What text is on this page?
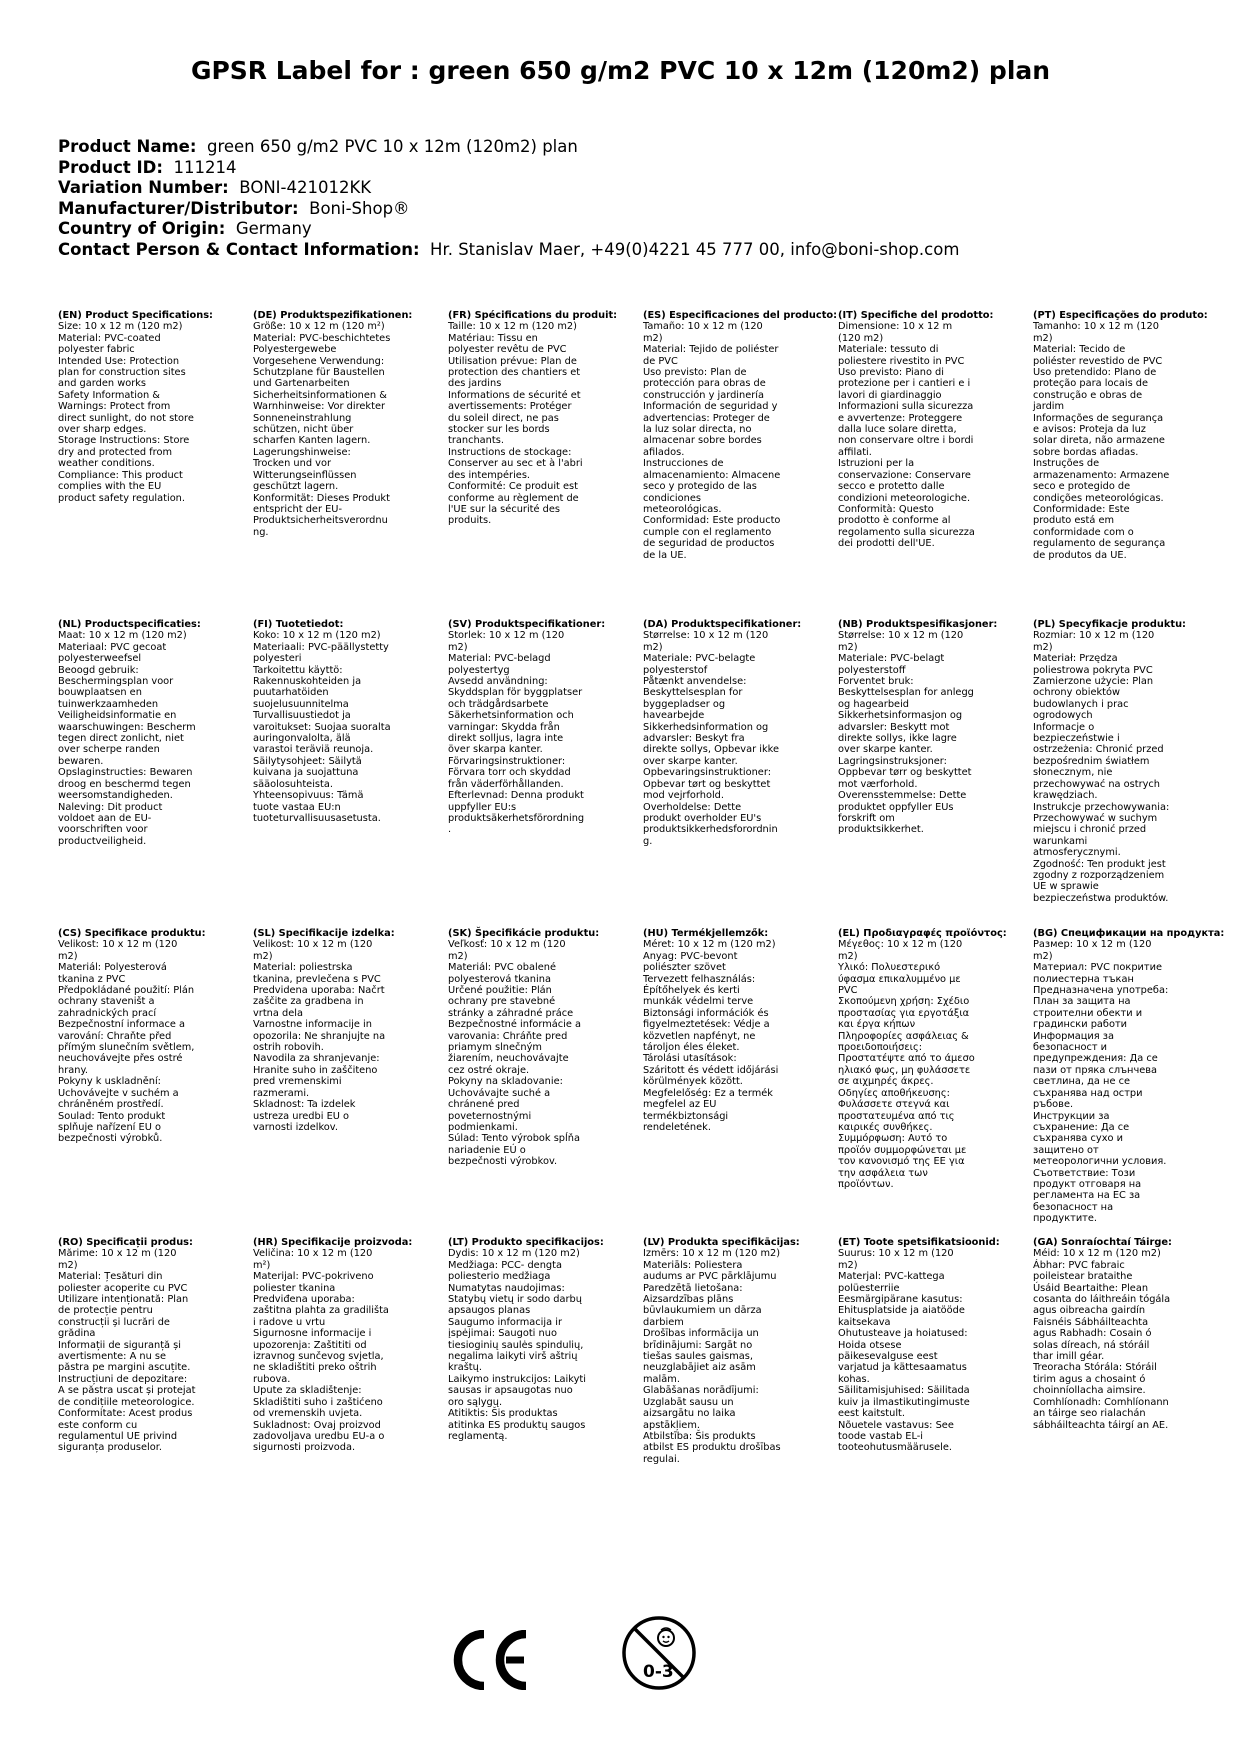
GPSR Label for : green 650 g/m2 PVC 10 x 12m (120m2) plan
Product Name: green 650 g/m2 PVC 10 x 12m (120m2) plan
Product ID: 111214
Variation Number: BONI-421012KK
Manufacturer/Distributor: Boni-Shop®
Country of Origin: Germany
Contact Person & Contact Information: Hr. Stanislav Maer, +49(0)4221 45 777 00, info@boni-shop.com
(EN) Product Specifications:
Size: 10 x 12 m (120 m2)
Material: PVC-coated polyester fabric
Intended Use: Protection plan for construction sites and garden works
Safety Information & Warnings: Protect from direct sunlight, do not store over sharp edges.
Storage Instructions: Store dry and protected from weather conditions.
Compliance: This product complies with the EU product safety regulation.
(DE) Produktspezifikationen:
Größe: 10 x 12 m (120 m²)
Material: PVC-beschichtetes Polyestergewebe
Vorgesehene Verwendung: Schutzplane für Baustellen und Gartenarbeiten
Sicherheitsinformationen & Warnhinweise: Vor direkter Sonneneinstrahlung schützen, nicht über scharfen Kanten lagern.
Lagerungshinweise: Trocken und vor Witterungseinflüssen geschützt lagern.
Konformität: Dieses Produkt entspricht der EU-Produktsicherheitsverordnung.
(FR) Spécifications du produit:
Taille: 10 x 12 m (120 m2)
Matériau: Tissu en polyester revêtu de PVC
Utilisation prévue: Plan de protection des chantiers et des jardins
Informations de sécurité et avertissements: Protéger du soleil direct, ne pas stocker sur les bords tranchants.
Instructions de stockage: Conserver au sec et à l'abri des intempéries.
Conformité: Ce produit est conforme au règlement de l'UE sur la sécurité des produits.
(ES) Especificaciones del producto:
Tamaño: 10 x 12 m (120 m2)
Material: Tejido de poliéster de PVC
Uso previsto: Plan de protección para obras de construcción y jardinería
Información de seguridad y advertencias: Proteger de la luz solar directa, no almacenar sobre bordes afilados.
Instrucciones de almacenamiento: Almacene seco y protegido de las condiciones meteorológicas.
Conformidad: Este producto cumple con el reglamento de seguridad de productos de la UE.
(IT) Specifiche del prodotto:
Dimensione: 10 x 12 m (120 m2)
Materiale: tessuto di poliestere rivestito in PVC
Uso previsto: Piano di protezione per i cantieri e i lavori di giardinaggio
Informazioni sulla sicurezza e avvertenze: Proteggere dalla luce solare diretta, non conservare oltre i bordi affilati.
Istruzioni per la conservazione: Conservare secco e protetto dalle condizioni meteorologiche.
Conformità: Questo prodotto è conforme al regolamento sulla sicurezza dei prodotti dell'UE.
(PT) Especificações do produto:
Tamanho: 10 x 12 m (120 m2)
Material: Tecido de poliéster revestido de PVC
Uso pretendido: Plano de proteção para locais de construção e obras de jardim
Informações de segurança e avisos: Proteja da luz solar direta, não armazene sobre bordas afiadas.
Instruções de armazenamento: Armazene seco e protegido de condições meteorológicas.
Conformidade: Este produto está em conformidade com o regulamento de segurança de produtos da UE.
(NL) Productspecificaties:
Maat: 10 x 12 m (120 m2)
Materiaal: PVC gecoat polyesterweefsel
Beoogd gebruik: Beschermingsplan voor bouwplaatsen en tuinwerkzaamheden
Veiligheidsinformatie en waarschuwingen: Bescherm tegen direct zonlicht, niet over scherpe randen bewaren.
Opslaginstructies: Bewaren droog en beschermd tegen weersomstandigheden.
Naleving: Dit product voldoet aan de EU-voorschriften voor productveiligheid.
(FI) Tuotetiedot:
Koko: 10 x 12 m (120 m2)
Materiaali: PVC-päällystetty polyesteri
Tarkoitettu käyttö: Rakennuskohteiden ja puutarhatöiden suojelusuunnitelma
Turvallisuustiedot ja varoitukset: Suojaa suoralta auringonvalolta, älä varastoi teräviä reunoja.
Säilytysohjeet: Säilytä kuivana ja suojattuna sääolosuhteista.
Yhteensopivuus: Tämä tuote vastaa EU:n tuoteturvallisuusasetusta.
(SV) Produktspecifikationer:
Storlek: 10 x 12 m (120 m2)
Material: PVC-belagd polyestertyg
Avsedd användning: Skyddsplan för byggplatser och trädgårdsarbete
Säkerhetsinformation och varningar: Skydda från direkt solljus, lagra inte över skarpa kanter.
Förvaringsinstruktioner: Förvara torr och skyddad från väderförhållanden.
Efterlevnad: Denna produkt uppfyller EU:s produktsäkerhetsförordning.
(DA) Produktspecifikationer:
Størrelse: 10 x 12 m (120 m2)
Materiale: PVC-belagte polyesterstof
Påtænkt anvendelse: Beskyttelsesplan for byggepladser og havearbejde
Sikkerhedsinformation og advarsler: Beskyt fra direkte sollys, Opbevar ikke over skarpe kanter.
Opbevaringsinstruktioner: Opbevar tørt og beskyttet mod vejrforhold.
Overholdelse: Dette produkt overholder EU's produktsikkerhedsforordning.
(NB) Produktspesifikasjoner:
Størrelse: 10 x 12 m (120 m2)
Materiale: PVC-belagt polyesterstoff
Forventet bruk: Beskyttelsesplan for anlegg og hagearbeid
Sikkerhetsinformasjon og advarsler: Beskytt mot direkte sollys, ikke lagre over skarpe kanter.
Lagringsinstruksjoner: Oppbevar tørr og beskyttet mot værforhold.
Overensstemmelse: Dette produktet oppfyller EUs forskrift om produktsikkerhet.
(PL) Specyfikacje produktu:
Rozmiar: 10 x 12 m (120 m2)
Materiał: Przędza poliestrowa pokryta PVC
Zamierzone użycie: Plan ochrony obiektów budowlanych i prac ogrodowych
Informacje o bezpieczeństwie i ostrzeżenia: Chronić przed bezpośrednim światłem słonecznym, nie przechowywać na ostrych krawędziach.
Instrukcje przechowywania: Przechowywać w suchym miejscu i chronić przed warunkami atmosferycznymi.
Zgodność: Ten produkt jest zgodny z rozporządzeniem UE w sprawie bezpieczeństwa produktów.
(CS) Specifikace produktu:
Velikost: 10 x 12 m (120 m2)
Materiál: Polyesterová tkanina z PVC
Předpokládané použití: Plán ochrany staveništ a zahradnických prací
Bezpečnostní informace a varování: Chraňte před přímým slunečním světlem, neuchovávejte přes ostré hrany.
Pokyny k uskladnění: Uchovávejte v suchém a chráněném prostředí.
Soulad: Tento produkt splňuje nařízení EU o bezpečnosti výrobků.
(SL) Specifikacije izdelka:
Velikost: 10 x 12 m (120 m2)
Material: poliestrska tkanina, prevlečena s PVC
Predvidena uporaba: Načrt zaščite za gradbena in vrtna dela
Varnostne informacije in opozorila: Ne shranjujte na ostrih robovih.
Navodila za shranjevanje: Hranite suho in zaščiteno pred vremenskimi razmerami.
Skladnost: Ta izdelek ustreza uredbi EU o varnosti izdelkov.
(SK) Špecifikácie produktu:
Veľkosť: 10 x 12 m (120 m2)
Materiál: PVC obalené polyesterová tkanina
Určené použitie: Plán ochrany pre stavebné stránky a záhradné práce
Bezpečnostné informácie a varovania: Chráňte pred priamym slnečným žiarením, neuchovávajte cez ostré okraje.
Pokyny na skladovanie: Uchovávajte suché a chránené pred poveternostnými podmienkami.
Súlad: Tento výrobok spĺňa nariadenie EÚ o bezpečnosti výrobkov.
(HU) Termékjellemzők:
Méret: 10 x 12 m (120 m2)
Anyag: PVC-bevont poliészter szövet
Tervezett felhasználás: Építőhelyek és kerti munkák védelmi terve
Biztonsági információk és figyelmeztetések: Védje a közvetlen napfényt, ne tároljon éles éleket.
Tárolási utasítások: Száritott és védett időjárási körülmények között.
Megfelelőség: Ez a termék megfelel az EU termékbiztonsági rendeletének.
(EL) Προδιαγραφές προϊόντος:
Μέγεθος: 10 x 12 m (120 m2)
Υλικό: Πολυεστερικό ύφασμα επικαλυμμένο με PVC
Σκοπούμενη χρήση: Σχέδιο προστασίας για εργοτάξια και έργα κήπων
Πληροφορίες ασφάλειας & προειδοποιήσεις: Προστατέψτε από το άμεσο ηλιακό φως, μη φυλάσσετε σε αιχμηρές άκρες.
Οδηγίες αποθήκευσης: Φυλάσσετε στεγνά και προστατευμένα από τις καιρικές συνθήκες.
Συμμόρφωση: Αυτό το προϊόν συμμορφώνεται με τον κανονισμό της ΕΕ για την ασφάλεια των προϊόντων.
(BG) Спецификации на продукта:
Размер: 10 x 12 m (120 m2)
Материал: PVC покритие полиестерна тъкан
Предназначена употреба: План за защита на строителни обекти и градински работи
Информация за безопасност и предупреждения: Да се пази от пряка слънчева светлина, да не се съхранява над остри ръбове.
Инструкции за съхранение: Да се съхранява сухо и защитено от метеорологични условия.
Съответствие: Този продукт отговаря на регламента на ЕС за безопасност на продуктите.
(RO) Specificații produs:
Mărime: 10 x 12 m (120 m2)
Material: Țesături din poliester acoperite cu PVC
Utilizare intenționată: Plan de protecție pentru construcții și lucrări de grădina
Informații de siguranță și avertismente: A nu se păstra pe margini ascuțite.
Instrucțiuni de depozitare: A se păstra uscat și protejat de condițiile meteorologice.
Conformitate: Acest produs este conform cu regulamentul UE privind siguranța produselor.
(HR) Specifikacije proizvoda:
Veličina: 10 x 12 m (120 m²)
Materijal: PVC-pokriveno poliester tkanina
Predviđena uporaba: zaštitna plahta za gradilišta i radove u vrtu
Sigurnosne informacije i upozorenja: Zaštititi od izravnog sunčevog svjetla, ne skladištiti preko oštrih rubova.
Upute za skladištenje: Skladištiti suho i zaštićeno od vremenskih uvjeta.
Sukladnost: Ovaj proizvod zadovoljava uredbu EU-a o sigurnosti proizvoda.
(LT) Produkto specifikacijos:
Dydis: 10 x 12 m (120 m2)
Medžiaga: PCC- dengta poliesterio medžiaga
Numatytas naudojimas: Statybų vietų ir sodo darbų apsaugos planas
Saugumo informacija ir įspėjimai: Saugoti nuo tiesioginių saulės spindulių, negalima laikyti virš aštrių kraštų.
Laikymo instrukcijos: Laikyti sausas ir apsaugotas nuo oro sąlygų.
Atitiktis: Šis produktas atitinka ES produktų saugos reglamentą.
(LV) Produkta specifikācijas:
Izmērs: 10 x 12 m (120 m2)
Materiāls: Poliestera audums ar PVC pārklājumu
Paredzētā lietošana: Aizsardzības plāns būvlaukumiem un dārza darbiem
Drošības informācija un brīdinājumi: Sargāt no tiešas saules gaismas, neuzglabājiet aiz asām malām.
Glabāšanas norādījumi: Uzglabāt sausu un aizsargātu no laika apstākļiem.
Atbilstība: Šis produkts atbilst ES produktu drošības regulai.
(ET) Toote spetsifikatsioonid:
Suurus: 10 x 12 m (120 m2)
Materjal: PVC-kattega polüesterriie
Eesmärgipärane kasutus: Ehitusplatside ja aiatööde kaitsekava
Ohutusteave ja hoiatused: Hoida otsese päikesevalguse eest varjatud ja kättesaamatus kohas.
Säilitamisjuhised: Säilitada kuiv ja ilmastikutingimuste eest kaitstult.
Nõuetele vastavus: See toode vastab EL-i tooteohutusmäärusele.
(GA) Sonraíochtaí Táirge:
Méid: 10 x 12 m (120 m2)
Ábhar: PVC fabraic poileistear brataithe
Úsáid Beartaithe: Plean cosanta do láithreáin tógála agus oibreacha gairdín
Faisnéis Sábháilteachta agus Rabhadh: Cosain ó solas díreach, ná stóráil thar imill géar.
Treoracha Stórála: Stóráil tirim agus a chosaint ó choinníollacha aimsire.
Comhlíonadh: Comhlíonann an táirge seo rialachán sábháilteachta táirgí an AE.
0-3
